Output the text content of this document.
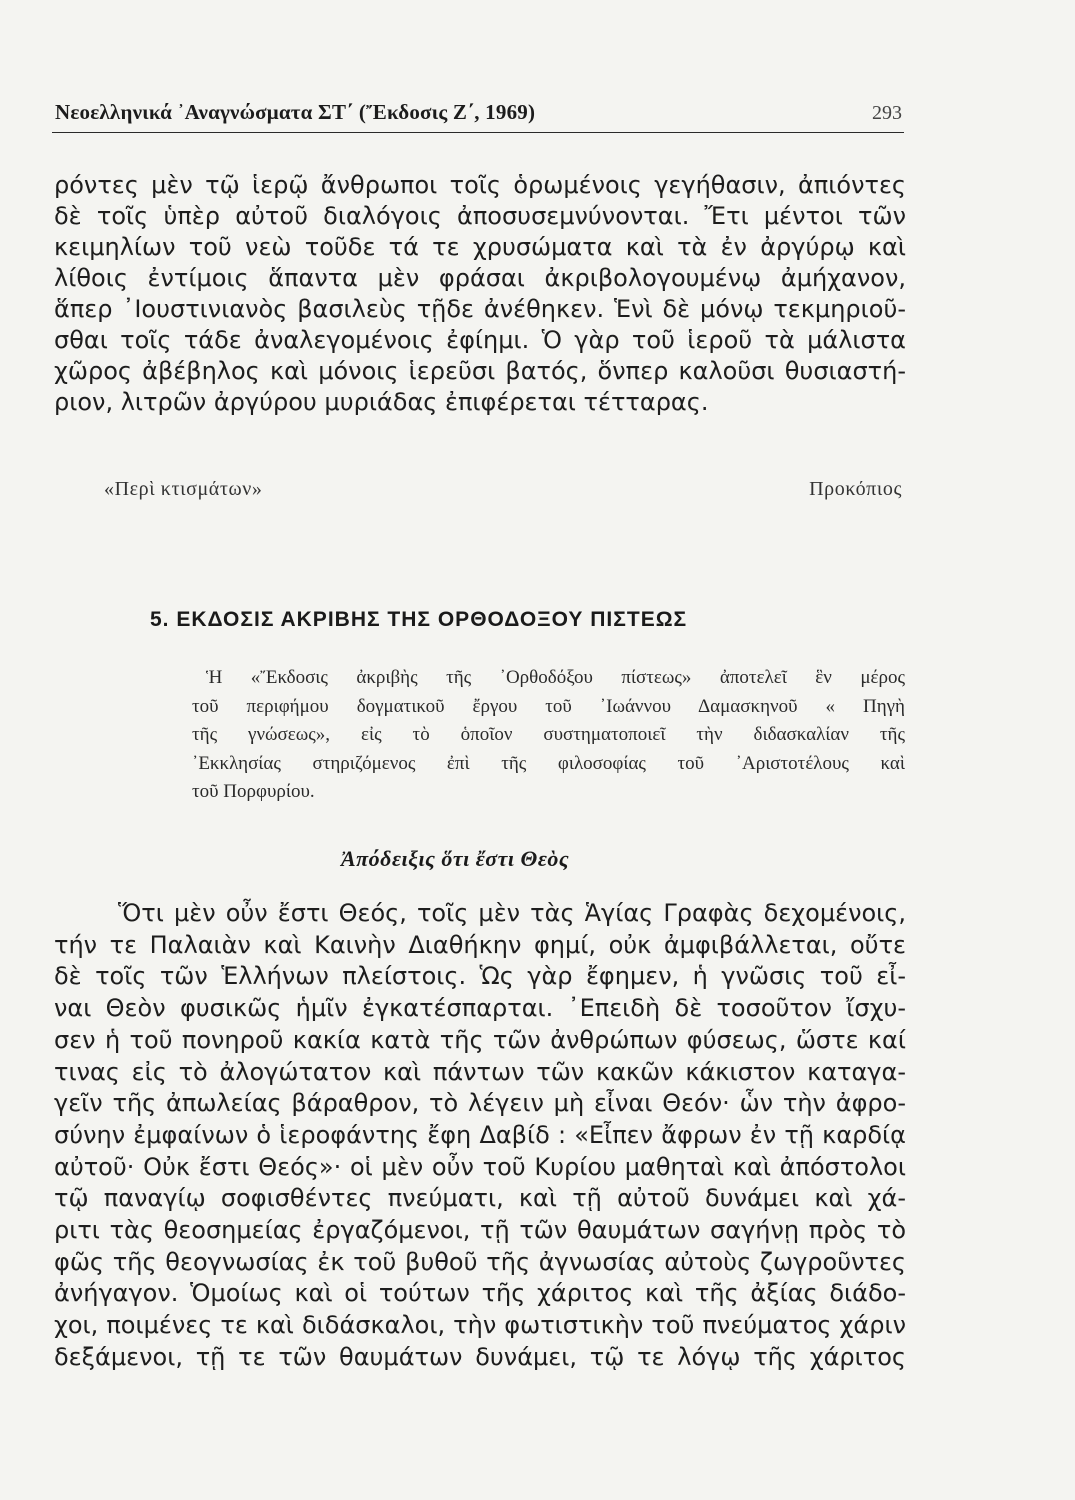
Νεοελληνικά ᾿Αναγνώσματα ΣΤ΄ (Ἔκδοσις Ζ΄, 1969)	293
ρόντες μὲν τῷ ἱερῷ ἄνθρωποι τοῖς ὁρωμένοις γεγήθασιν, ἀπιόντες
δὲ τοῖς ὑπὲρ αὐτοῦ διαλόγοις ἀποσυσεμνύνονται. Ἔτι μέντοι τῶν
κειμηλίων τοῦ νεὼ τοῦδε τά τε χρυσώματα καὶ τὰ ἐν ἀργύρῳ καὶ
λίθοις ἐντίμοις ἅπαντα μὲν φράσαι ἀκριβολογουμένῳ ἀμήχανον,
ἅπερ ᾿Ιουστινιανὸς βασιλεὺς τῇδε ἀνέθηκεν. Ἑνὶ δὲ μόνῳ τεκμηριοῦ-
σθαι τοῖς τάδε ἀναλεγομένοις ἐφίημι. Ὁ γὰρ τοῦ ἱεροῦ τὰ μάλιστα
χῶρος ἀβέβηλος καὶ μόνοις ἱερεῦσι βατός, ὅνπερ καλοῦσι θυσιαστή-
ριον, λιτρῶν ἀργύρου μυριάδας ἐπιφέρεται τέτταρας.
«Περὶ κτισμάτων»	Προκόπιος
5. ΕΚΔΟΣΙΣ ΑΚΡΙΒΗΣ ΤΗΣ ΟΡΘΟΔΟΞΟΥ ΠΙΣΤΕΩΣ
Ἡ «Ἔκδοσις ἀκριβὴς τῆς ᾿Ορθοδόξου πίστεως» ἀποτελεῖ ἓν μέρος
τοῦ περιφήμου δογματικοῦ ἔργου τοῦ ᾿Ιωάννου Δαμασκηνοῦ « Πηγὴ
τῆς γνώσεως», εἰς τὸ ὁποῖον συστηματοποιεῖ τὴν διδασκαλίαν τῆς
᾿Εκκλησίας στηριζόμενος ἐπὶ τῆς φιλοσοφίας τοῦ ᾿Αριστοτέλους καὶ
τοῦ Πορφυρίου.
Ἀπόδειξις ὅτι ἔστι Θεὸς
Ὅτι μὲν οὖν ἔστι Θεός, τοῖς μὲν τὰς Ἁγίας Γραφὰς δεχομένοις,
τήν τε Παλαιὰν καὶ Καινὴν Διαθήκην φημί, οὐκ ἀμφιβάλλεται, οὔτε
δὲ τοῖς τῶν Ἑλλήνων πλείστοις. Ὡς γὰρ ἔφημεν, ἡ γνῶσις τοῦ εἶ-
ναι Θεὸν φυσικῶς ἡμῖν ἐγκατέσπαρται. ᾿Επειδὴ δὲ τοσοῦτον ἴσχυ-
σεν ἡ τοῦ πονηροῦ κακία κατὰ τῆς τῶν ἀνθρώπων φύσεως, ὥστε καί
τινας εἰς τὸ ἀλογώτατον καὶ πάντων τῶν κακῶν κάκιστον καταγα-
γεῖν τῆς ἀπωλείας βάραθρον, τὸ λέγειν μὴ εἶναι Θεόν· ὧν τὴν ἀφρο-
σύνην ἐμφαίνων ὁ ἱεροφάντης ἔφη Δαβίδ : «Εἶπεν ἄφρων ἐν τῇ καρδίᾳ
αὐτοῦ· Οὐκ ἔστι Θεός»· οἱ μὲν οὖν τοῦ Κυρίου μαθηταὶ καὶ ἀπόστολοι
τῷ παναγίῳ σοφισθέντες πνεύματι, καὶ τῇ αὐτοῦ δυνάμει καὶ χά-
ριτι τὰς θεοσημείας ἐργαζόμενοι, τῇ τῶν θαυμάτων σαγήνῃ πρὸς τὸ
φῶς τῆς θεογνωσίας ἐκ τοῦ βυθοῦ τῆς ἀγνωσίας αὐτοὺς ζωγροῦντες
ἀνήγαγον. Ὁμοίως καὶ οἱ τούτων τῆς χάριτος καὶ τῆς ἀξίας διάδο-
χοι, ποιμένες τε καὶ διδάσκαλοι, τὴν φωτιστικὴν τοῦ πνεύματος χάριν
δεξάμενοι, τῇ τε τῶν θαυμάτων δυνάμει, τῷ τε λόγῳ τῆς χάριτος
